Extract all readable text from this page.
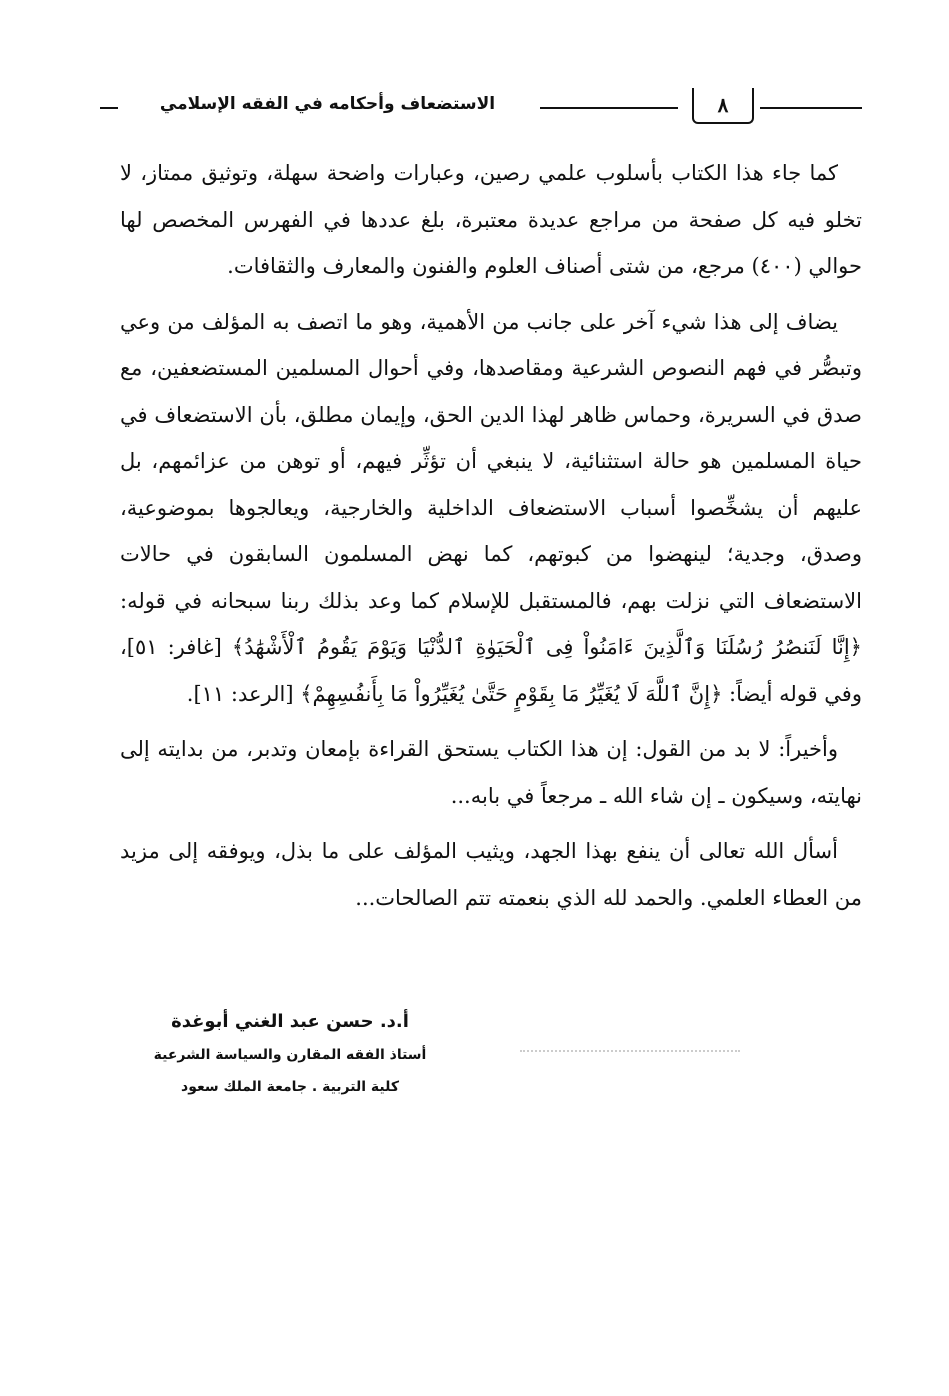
٨
الاستضعاف وأحكامه في الفقه الإسلامي

كما جاء هذا الكتاب بأسلوب علمي رصين، وعبارات واضحة سهلة، وتوثيق ممتاز، لا تخلو فيه كل صفحة من مراجع عديدة معتبرة، بلغ عددها في الفهرس المخصص لها حوالي (٤٠٠) مرجع، من شتى أصناف العلوم والفنون والمعارف والثقافات.

يضاف إلى هذا شيء آخر على جانب من الأهمية، وهو ما اتصف به المؤلف من وعي وتبصُّر في فهم النصوص الشرعية ومقاصدها، وفي أحوال المسلمين المستضعفين، مع صدق في السريرة، وحماس ظاهر لهذا الدين الحق، وإيمان مطلق، بأن الاستضعاف في حياة المسلمين هو حالة استثنائية، لا ينبغي أن تؤثِّر فيهم، أو توهن من عزائمهم، بل عليهم أن يشخِّصوا أسباب الاستضعاف الداخلية والخارجية، ويعالجوها بموضوعية، وصدق، وجدية؛ لينهضوا من كبوتهم، كما نهض المسلمون السابقون في حالات الاستضعاف التي نزلت بهم، فالمستقبل للإسلام كما وعد بذلك ربنا سبحانه في قوله: ﴿إِنَّا لَنَنصُرُ رُسُلَنَا وَٱلَّذِينَ ءَامَنُواْ فِى ٱلْحَيَوٰةِ ٱلدُّنْيَا وَيَوْمَ يَقُومُ ٱلْأَشْهَٰدُ﴾ [غافر: ٥١]، وفي قوله أيضاً: ﴿إِنَّ ٱللَّهَ لَا يُغَيِّرُ مَا بِقَوْمٍ حَتَّىٰ يُغَيِّرُواْ مَا بِأَنفُسِهِمْ﴾ [الرعد: ١١].

وأخيراً: لا بد من القول: إن هذا الكتاب يستحق القراءة بإمعان وتدبر، من بدايته إلى نهايته، وسيكون ـ إن شاء الله ـ مرجعاً في بابه...

أسأل الله تعالى أن ينفع بهذا الجهد، ويثيب المؤلف على ما بذل، ويوفقه إلى مزيد من العطاء العلمي. والحمد لله الذي بنعمته تتم الصالحات...

أ.د. حسن عبد الغني أبوغدة
أستاذ الفقه المقارن والسياسة الشرعية
كلية التربية . جامعة الملك سعود
